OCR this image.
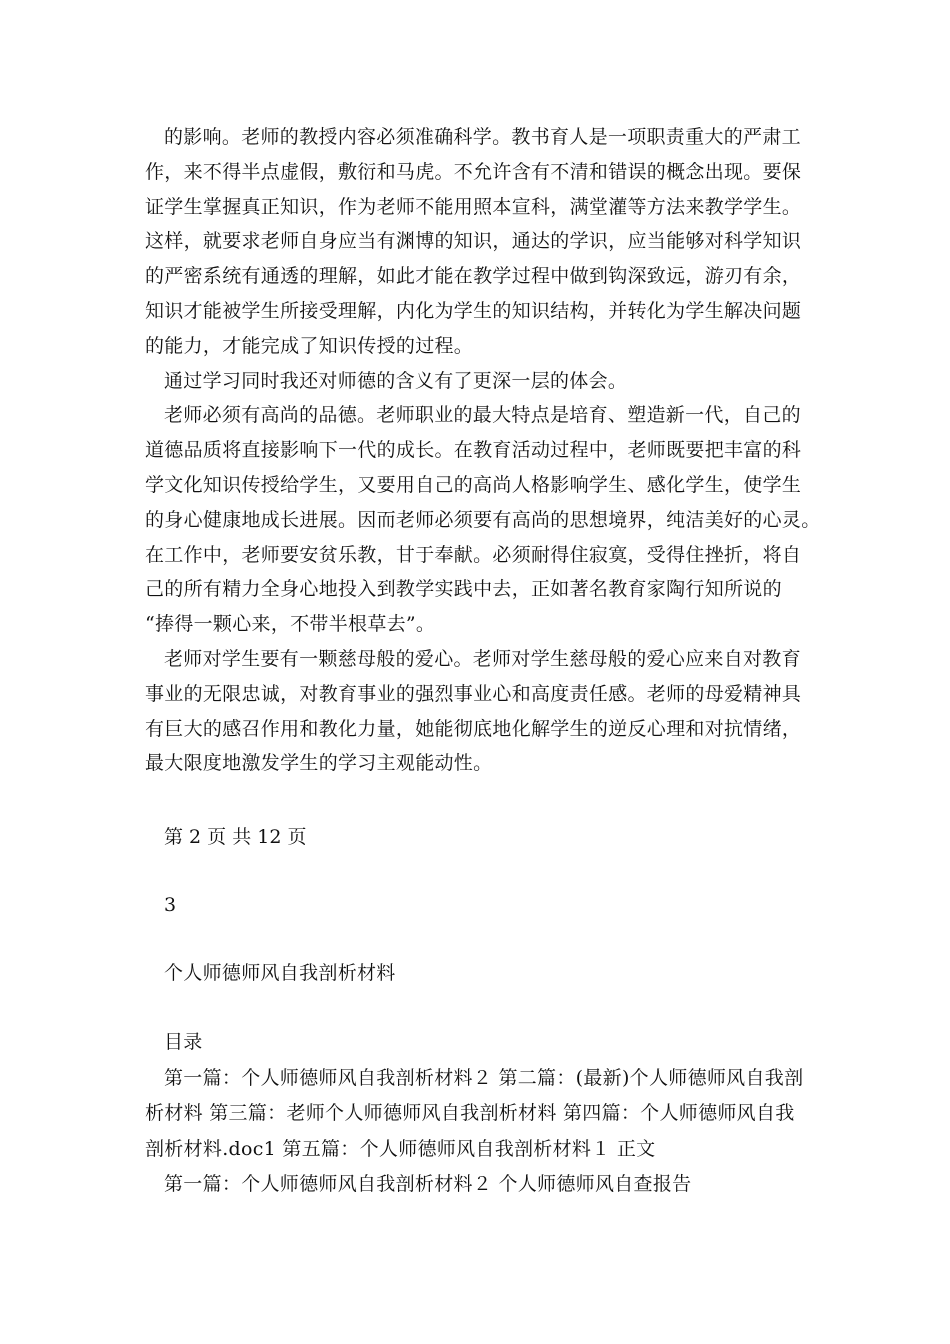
的影响。老师的教授内容必须准确科学。教书育人是一项职责重大的严肃工
作，来不得半点虚假，敷衍和马虎。不允许含有不清和错误的概念出现。要保
证学生掌握真正知识，作为老师不能用照本宣科，满堂灌等方法来教学学生。
这样，就要求老师自身应当有渊博的知识，通达的学识，应当能够对科学知识
的严密系统有通透的理解，如此才能在教学过程中做到钩深致远，游刃有余，
知识才能被学生所接受理解，内化为学生的知识结构，并转化为学生解决问题
的能力，才能完成了知识传授的过程。

通过学习同时我还对师德的含义有了更深一层的体会。

老师必须有高尚的品德。老师职业的最大特点是培育、塑造新一代，自己的
道德品质将直接影响下一代的成长。在教育活动过程中，老师既要把丰富的科
学文化知识传授给学生，又要用自己的高尚人格影响学生、感化学生，使学生
的身心健康地成长进展。因而老师必须要有高尚的思想境界，纯洁美好的心灵。
在工作中，老师要安贫乐教，甘于奉献。必须耐得住寂寞，受得住挫折，将自
己的所有精力全身心地投入到教学实践中去，正如著名教育家陶行知所说的
“捧得一颗心来，不带半根草去”。

老师对学生要有一颗慈母般的爱心。老师对学生慈母般的爱心应来自对教育
事业的无限忠诚，对教育事业的强烈事业心和高度责任感。老师的母爱精神具
有巨大的感召作用和教化力量，她能彻底地化解学生的逆反心理和对抗情绪，
最大限度地激发学生的学习主观能动性。

第 2 页 共 12 页
3
个人师德师风自我剖析材料
目录
第一篇：个人师德师风自我剖析材料２ 第二篇：(最新)个人师德师风自我剖
析材料 第三篇：老师个人师德师风自我剖析材料 第四篇：个人师德师风自我
剖析材料.doc1 第五篇：个人师德师风自我剖析材料１ 正文
第一篇：个人师德师风自我剖析材料２ 个人师德师风自查报告
